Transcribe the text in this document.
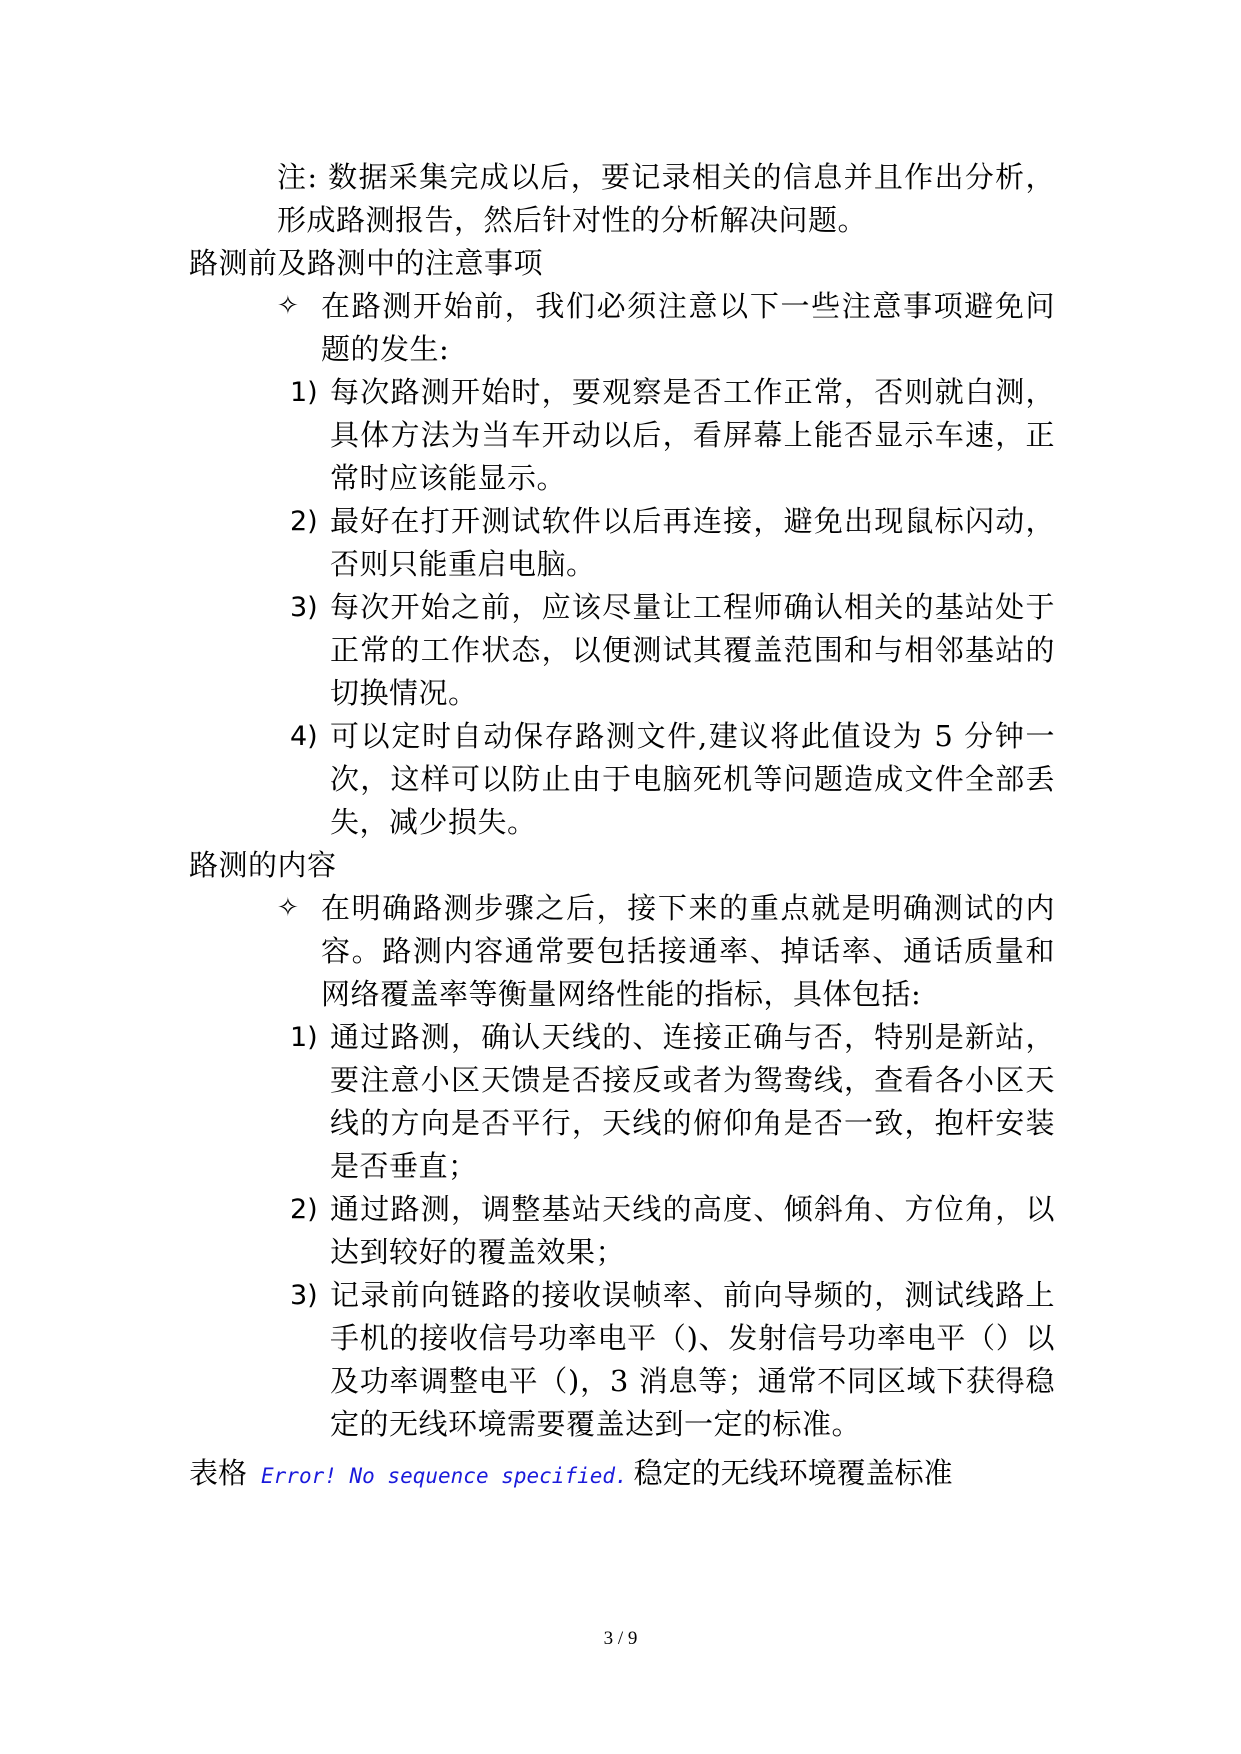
注: 数据采集完成以后，要记录相关的信息并且作出分析，形成路测报告，然后针对性的分析解决问题。

路测前及路测中的注意事项
✧ 在路测开始前，我们必须注意以下一些注意事项避免问题的发生:

1) 每次路测开始时，要观察是否工作正常，否则就白测，具体方法为当车开动以后，看屏幕上能否显示车速，正常时应该能显示。

2) 最好在打开测试软件以后再连接，避免出现鼠标闪动，否则只能重启电脑。

3) 每次开始之前，应该尽量让工程师确认相关的基站处于正常的工作状态，以便测试其覆盖范围和与相邻基站的切换情况。

4) 可以定时自动保存路测文件,建议将此值设为 5 分钟一次，这样可以防止由于电脑死机等问题造成文件全部丢失，减少损失。

路测的内容
✧ 在明确路测步骤之后，接下来的重点就是明确测试的内容。路测内容通常要包括接通率、掉话率、通话质量和网络覆盖率等衡量网络性能的指标，具体包括:

1) 通过路测，确认天线的、连接正确与否，特别是新站，要注意小区天馈是否接反或者为鸳鸯线，查看各小区天线的方向是否平行，天线的俯仰角是否一致，抱杆安装是否垂直；

2) 通过路测，调整基站天线的高度、倾斜角、方位角，以达到较好的覆盖效果；

3) 记录前向链路的接收误帧率、前向导频的，测试线路上手机的接收信号功率电平（)、发射信号功率电平（）以及功率调整电平（)，3 消息等；通常不同区域下获得稳定的无线环境需要覆盖达到一定的标准。

表格 Error! No sequence specified. 稳定的无线环境覆盖标准
3 / 9
